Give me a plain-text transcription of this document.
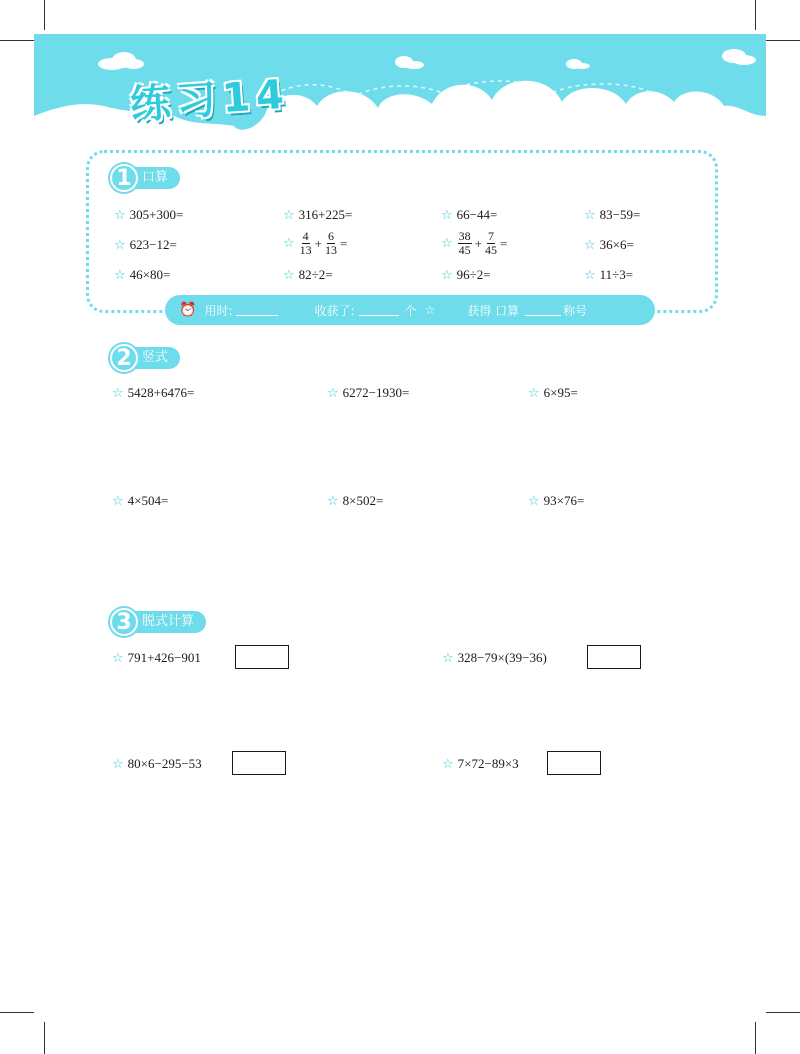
练习14
1 口算
☆ 305+300=	☆ 316+225=	☆ 66−44=	☆ 83−59=
☆ 623−12=	☆ $\frac{4}{13} + \frac{6}{13}$ =	☆ $\frac{38}{45} + \frac{7}{45}$ =	☆ 36×6=
☆ 46×80=	☆ 82÷2=	☆ 96÷2=	☆ 11÷3=
⏰ 用时:	收获了:	个 ☆	获得 口算	称号
2 竖式
☆ 5428+6476=	☆ 6272−1930=	☆ 6×95=
☆ 4×504=	☆ 8×502=	☆ 93×76=
3 脱式计算
☆ 791+426−901	☆ 328−79×(39−36)
☆ 80×6−295−53	☆ 7×72−89×3
